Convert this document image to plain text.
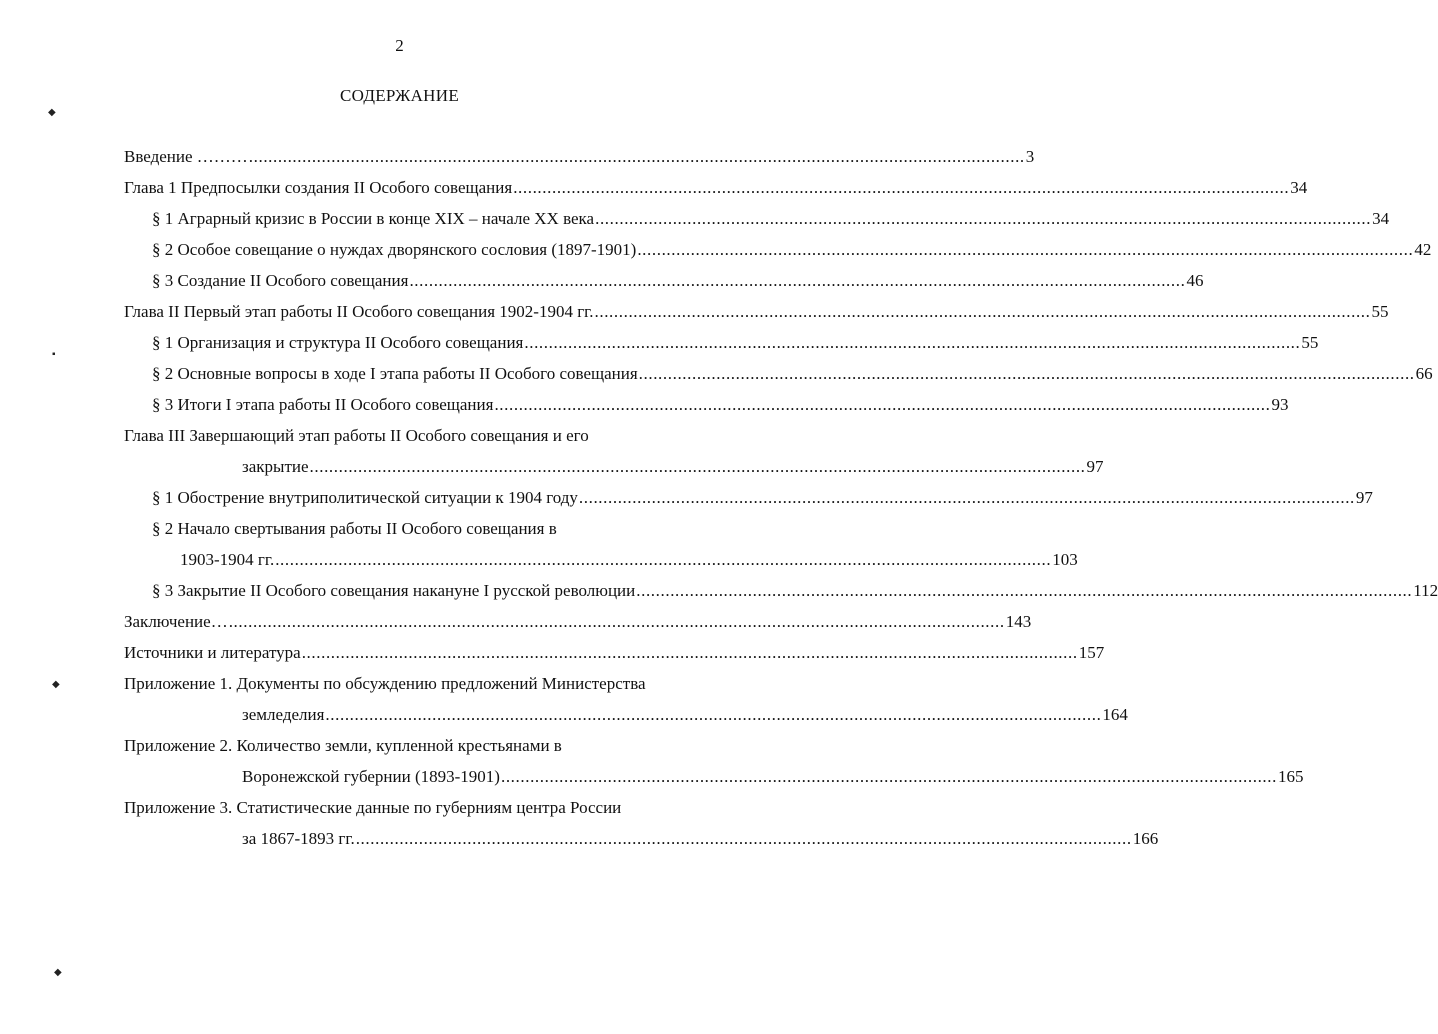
2
СОДЕРЖАНИЕ
◆
▪
◆
◆
Введение ……… ................................................................................................................................................................ 3
Глава 1 Предпосылки создания II Особого совещания ................................................................................................................................................................ 34
§ 1 Аграрный кризис в России в конце XIX – начале XX века ................................................................................................................................................................ 34
§ 2 Особое совещание о нуждах дворянского сословия (1897-1901) ................................................................................................................................................................ 42
§ 3 Создание II Особого совещания ................................................................................................................................................................ 46
Глава II Первый этап работы II Особого совещания 1902-1904 гг. ................................................................................................................................................................ 55
§ 1 Организация и структура II Особого совещания ................................................................................................................................................................ 55
§ 2 Основные вопросы в ходе I этапа работы II Особого совещания ................................................................................................................................................................ 66
§ 3 Итоги I этапа работы II Особого совещания ................................................................................................................................................................ 93
Глава III Завершающий этап работы II Особого совещания и его
закрытие ................................................................................................................................................................ 97
§ 1 Обострение внутриполитической ситуации к 1904 году ................................................................................................................................................................ 97
§ 2 Начало свертывания работы II Особого совещания в
1903-1904 гг. ................................................................................................................................................................ 103
§ 3 Закрытие II Особого совещания накануне I русской революции ................................................................................................................................................................ 112
Заключение… ................................................................................................................................................................ 143
Источники и литература ................................................................................................................................................................ 157
Приложение 1. Документы по обсуждению предложений Министерства
земледелия ................................................................................................................................................................ 164
Приложение 2. Количество земли, купленной крестьянами в
Воронежской губернии (1893-1901) ................................................................................................................................................................ 165
Приложение 3. Статистические данные по губерниям центра России
за 1867-1893 гг. ................................................................................................................................................................ 166
